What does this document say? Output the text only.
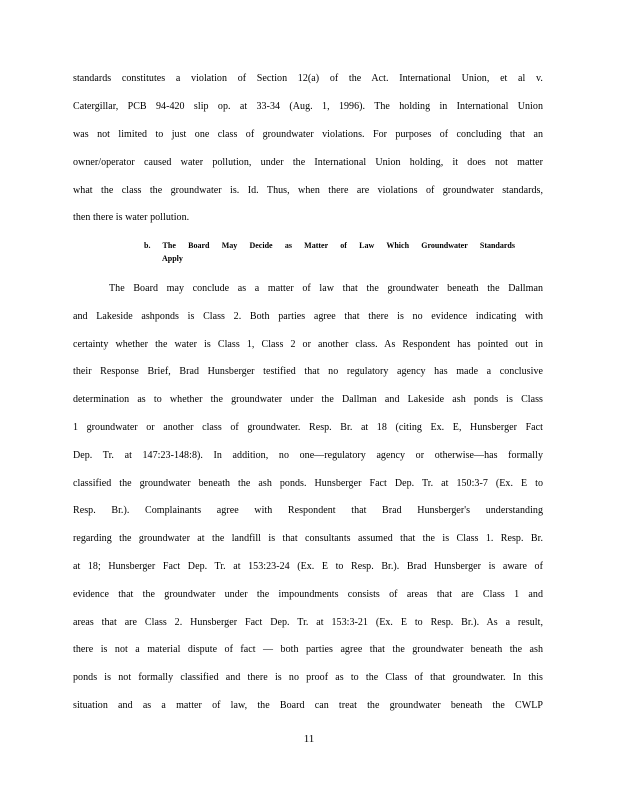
standards constitutes a violation of Section 12(a) of the Act. International Union, et al v.
Catergillar, PCB 94-420 slip op. at 33-34 (Aug. 1, 1996). The holding in International Union
was not limited to just one class of groundwater violations. For purposes of concluding that an
owner/operator caused water pollution, under the International Union holding, it does not matter
what the class the groundwater is. Id. Thus, when there are violations of groundwater standards,
then there is water pollution.
b. The Board May Decide as Matter of Law Which Groundwater Standards
Apply
The Board may conclude as a matter of law that the groundwater beneath the Dallman
and Lakeside ashponds is Class 2. Both parties agree that there is no evidence indicating with
certainty whether the water is Class 1, Class 2 or another class. As Respondent has pointed out in
their Response Brief, Brad Hunsberger testified that no regulatory agency has made a conclusive
determination as to whether the groundwater under the Dallman and Lakeside ash ponds is Class
1 groundwater or another class of groundwater. Resp. Br. at 18 (citing Ex. E, Hunsberger Fact
Dep. Tr. at 147:23-148:8). In addition, no one—regulatory agency or otherwise—has formally
classified the groundwater beneath the ash ponds. Hunsberger Fact Dep. Tr. at 150:3-7 (Ex. E to
Resp. Br.). Complainants agree with Respondent that Brad Hunsberger's understanding
regarding the groundwater at the landfill is that consultants assumed that the is Class 1. Resp. Br.
at 18; Hunsberger Fact Dep. Tr. at 153:23-24 (Ex. E to Resp. Br.). Brad Hunsberger is aware of
evidence that the groundwater under the impoundments consists of areas that are Class 1 and
areas that are Class 2. Hunsberger Fact Dep. Tr. at 153:3-21 (Ex. E to Resp. Br.). As a result,
there is not a material dispute of fact — both parties agree that the groundwater beneath the ash
ponds is not formally classified and there is no proof as to the Class of that groundwater. In this
situation and as a matter of law, the Board can treat the groundwater beneath the CWLP
11
